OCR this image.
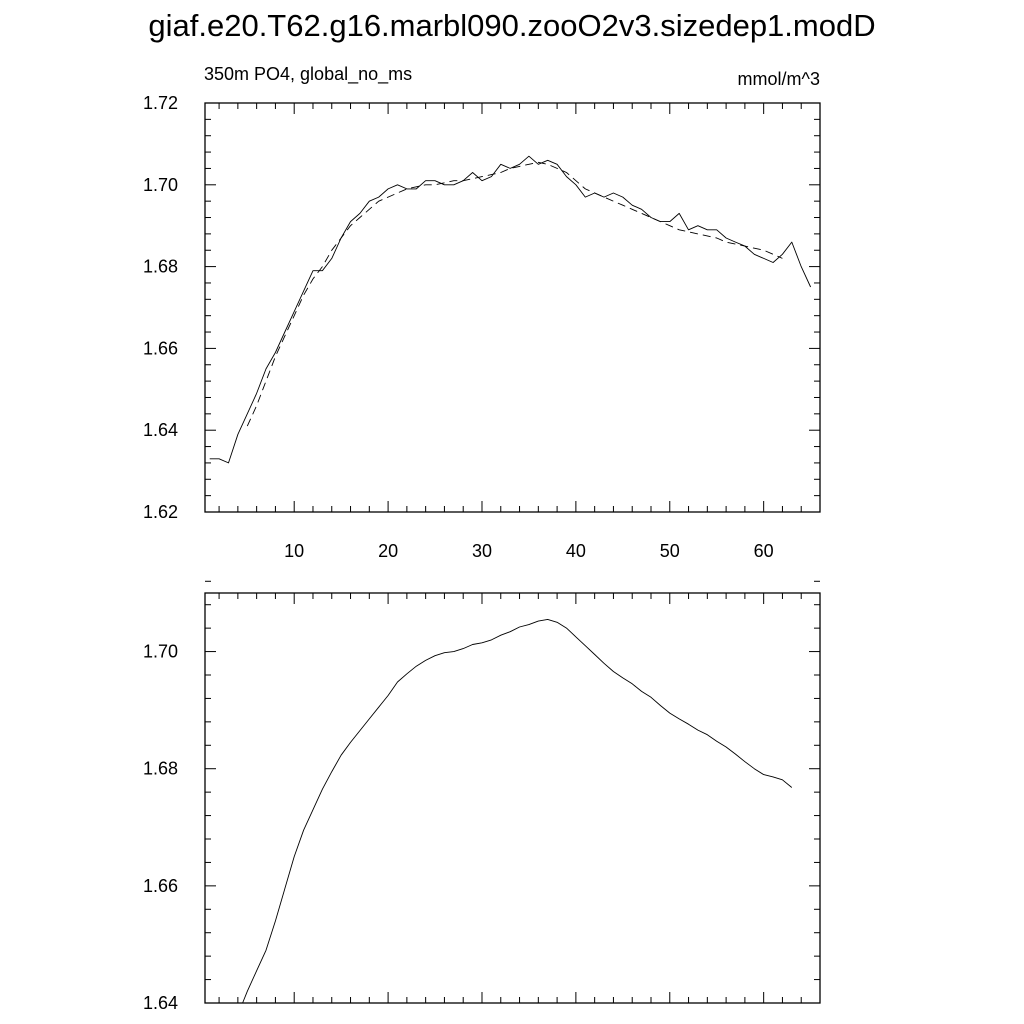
giaf.e20.T62.g16.marbl090.zooO2v3.sizedep1.modD
350m PO4, global_no_ms	mmol/m^3
10	20	30	40	50	60
1.62
1.64
1.66
1.68
1.70
1.72
1.64
1.66
1.68
1.70
